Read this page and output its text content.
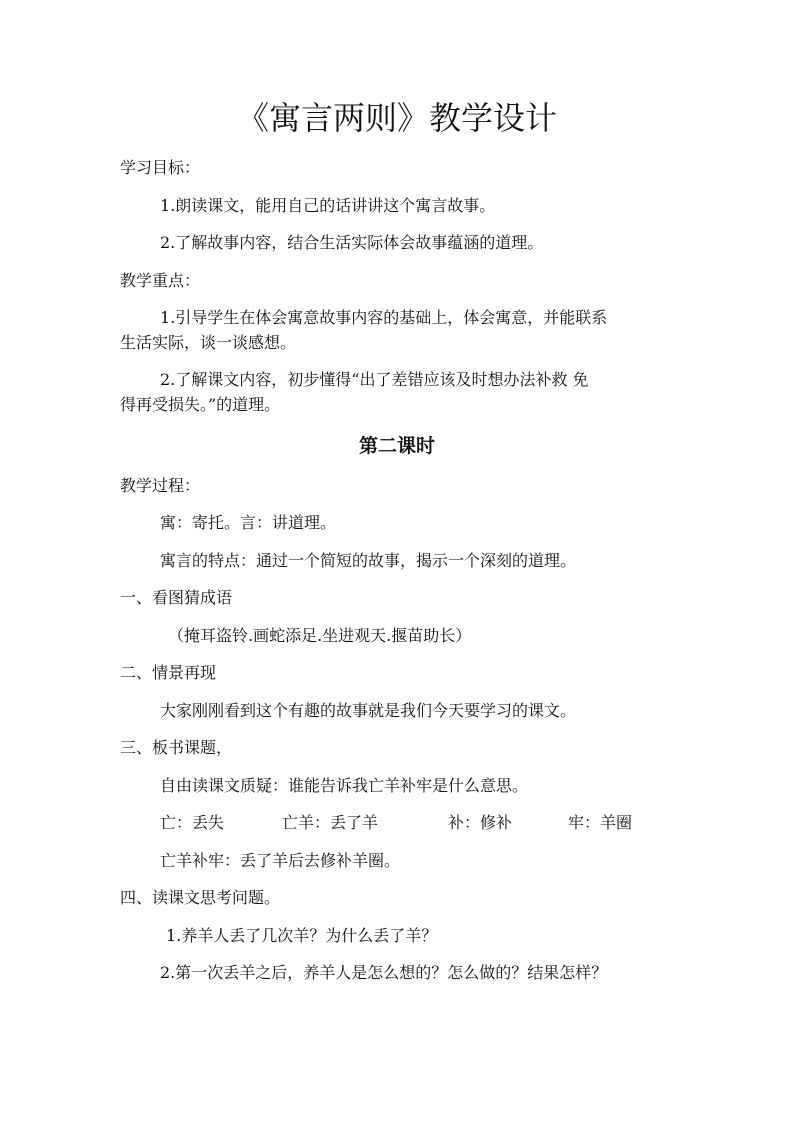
《寓言两则》教学设计
学习目标：
1.朗读课文，能用自己的话讲讲这个寓言故事。
2.了解故事内容，结合生活实际体会故事蕴涵的道理。
教学重点：
1.引导学生在体会寓意故事内容的基础上，体会寓意，并能联系
生活实际，谈一谈感想。
2.了解课文内容，初步懂得“出了差错应该及时想办法补救 免
得再受损失。”的道理。
第二课时
教学过程：
寓：寄托。言：讲道理。
寓言的特点：通过一个简短的故事，揭示一个深刻的道理。
一、看图猜成语
（掩耳盗铃.画蛇添足.坐进观天.揠苗助长）
二、情景再现
大家刚刚看到这个有趣的故事就是我们今天要学习的课文。
三、板书课题，
自由读课文质疑：谁能告诉我亡羊补牢是什么意思。
亡：丢失	亡羊：丢了羊	补：修补	牢：羊圈
亡羊补牢：丢了羊后去修补羊圈。
四、读课文思考问题。
1.养羊人丢了几次羊？为什么丢了羊？
2.第一次丢羊之后，养羊人是怎么想的？怎么做的？结果怎样？
